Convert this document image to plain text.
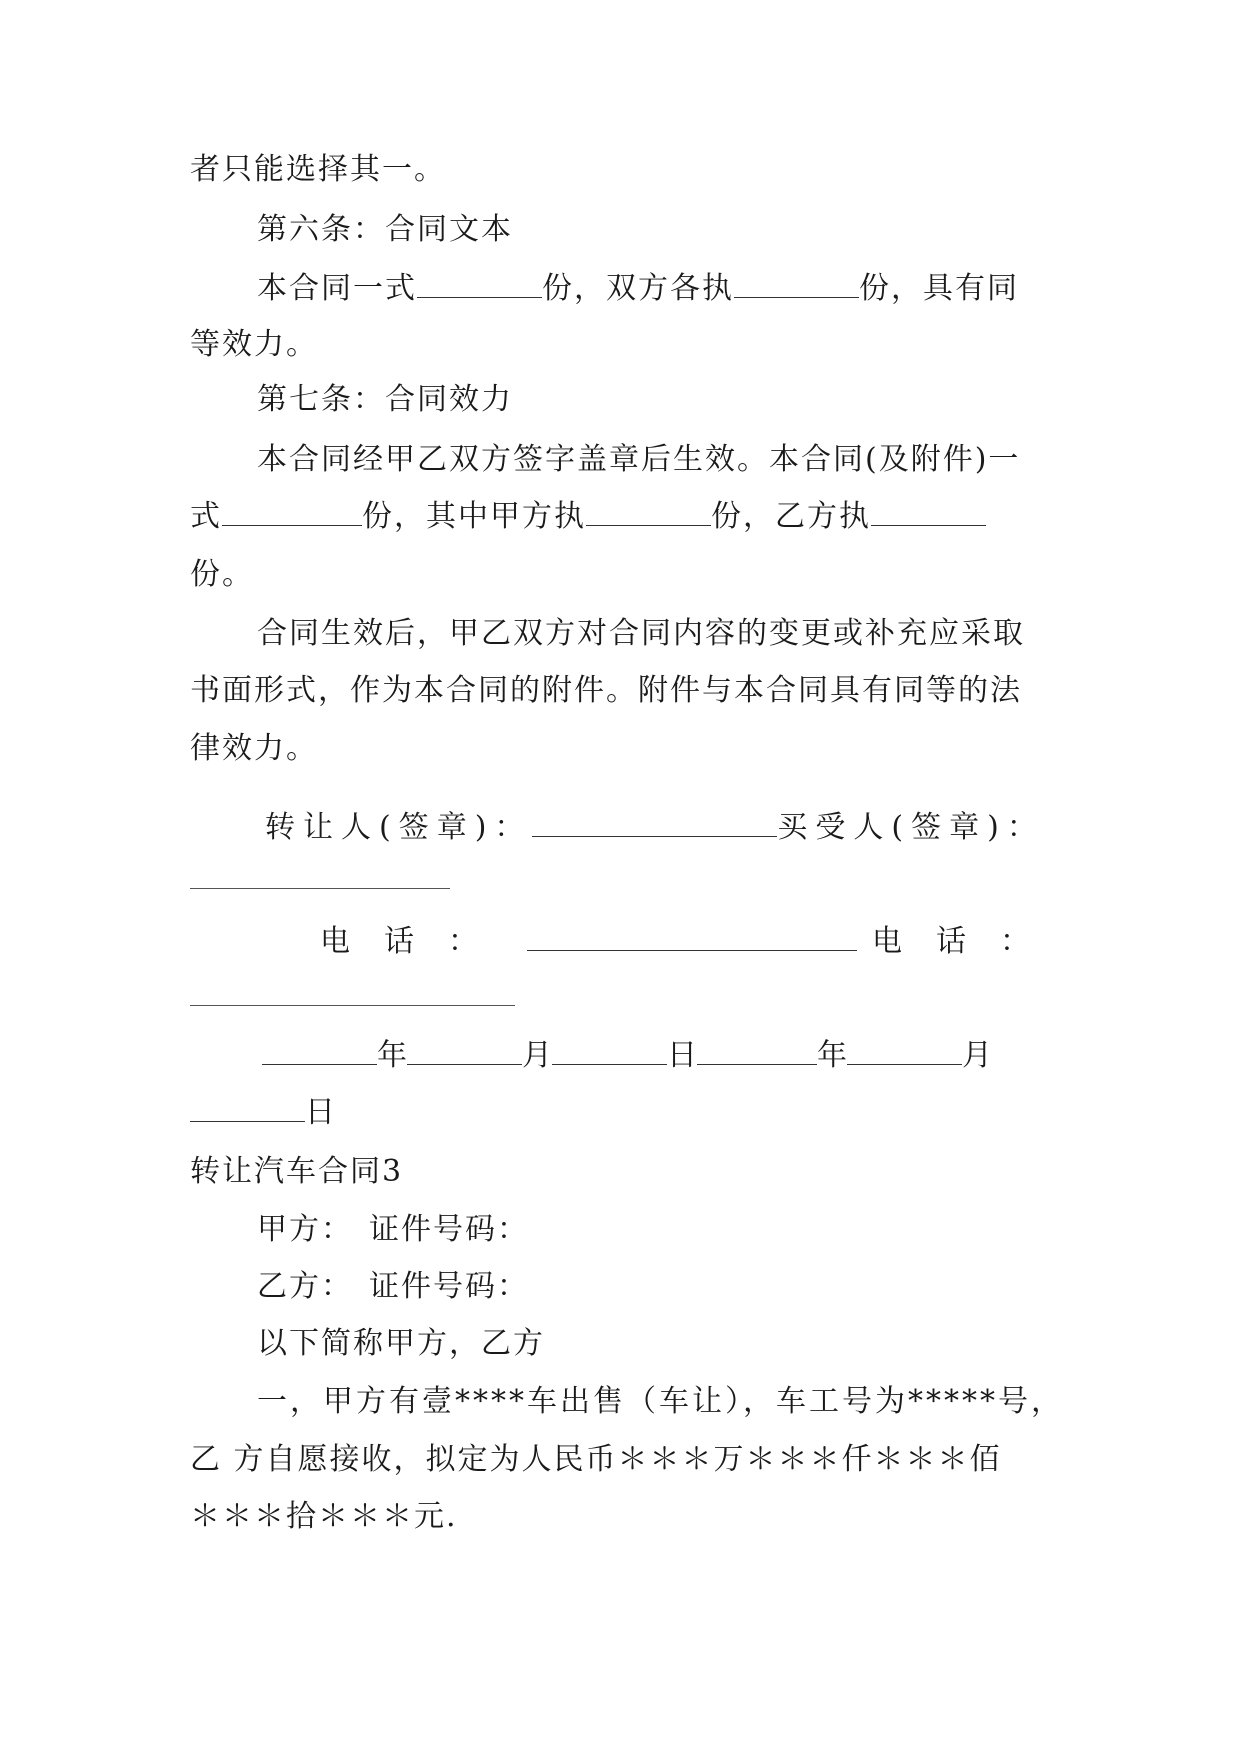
者只能选择其一。
第六条：合同文本
本合同一式	份，双方各执	份，具有同
等效力。
第七条：合同效力
本合同经甲乙双方签字盖章后生效。本合同(及附件)一
式	份，其中甲方执	份，乙方执
份。
合同生效后，甲乙双方对合同内容的变更或补充应采取
书面形式，作为本合同的附件。附件与本合同具有同等的法
律效力。
转让人(签章)：	买受人(签章)：
电话：	电话：
年	月	日	年	月
日
转让汽车合同3
甲方： 证件号码：
乙方： 证件号码：
以下简称甲方，乙方
一，甲方有壹****车出售（车让），车工号为*****号，
乙 方自愿接收，拟定为人民币＊＊＊万＊＊＊仟＊＊＊佰
＊＊＊拾＊＊＊元.
